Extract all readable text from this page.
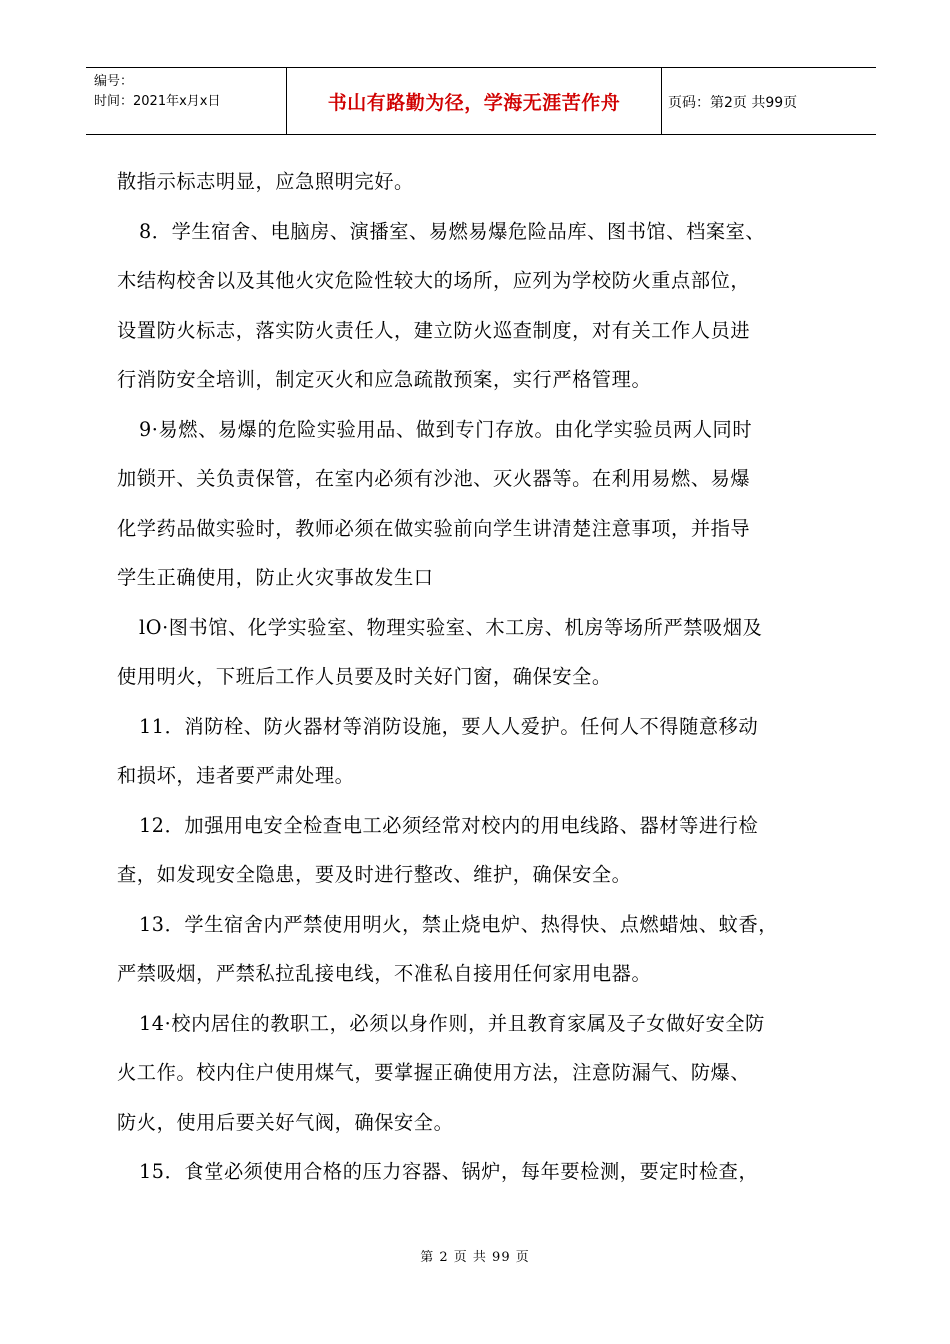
编号：
时间：2021年x月x日	书山有路勤为径，学海无涯苦作舟	页码：第2页 共99页
散指示标志明显，应急照明完好。
8．学生宿舍、电脑房、演播室、易燃易爆危险品库、图书馆、档案室、
木结构校舍以及其他火灾危险性较大的场所，应列为学校防火重点部位，
设置防火标志，落实防火责任人，建立防火巡查制度，对有关工作人员进
行消防安全培训，制定灭火和应急疏散预案，实行严格管理。
9·易燃、易爆的危险实验用品、做到专门存放。由化学实验员两人同时
加锁开、关负责保管，在室内必须有沙池、灭火器等。在利用易燃、易爆
化学药品做实验时，教师必须在做实验前向学生讲清楚注意事项，并指导
学生正确使用，防止火灾事故发生口
lO·图书馆、化学实验室、物理实验室、木工房、机房等场所严禁吸烟及
使用明火，下班后工作人员要及时关好门窗，确保安全。
11．消防栓、防火器材等消防设施，要人人爱护。任何人不得随意移动
和损坏，违者要严肃处理。
12．加强用电安全检查电工必须经常对校内的用电线路、器材等进行检
查，如发现安全隐患，要及时进行整改、维护，确保安全。
13．学生宿舍内严禁使用明火，禁止烧电炉、热得快、点燃蜡烛、蚊香，
严禁吸烟，严禁私拉乱接电线，不准私自接用任何家用电器。
14·校内居住的教职工，必须以身作则，并且教育家属及子女做好安全防
火工作。校内住户使用煤气，要掌握正确使用方法，注意防漏气、防爆、
防火，使用后要关好气阀，确保安全。
15．食堂必须使用合格的压力容器、锅炉，每年要检测，要定时检查，
第 2 页 共 99 页
